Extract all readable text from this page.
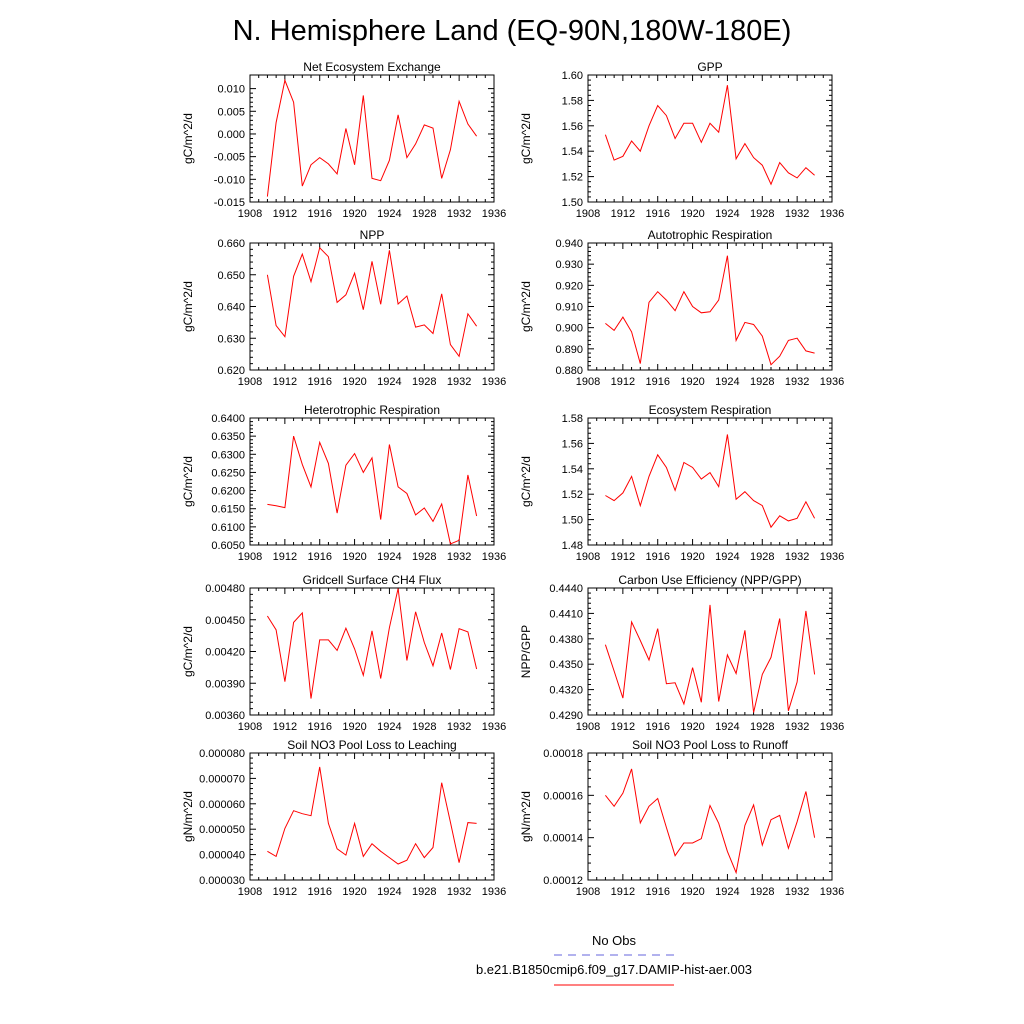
N. Hemisphere Land (EQ-90N,180W-180E)
Net Ecosystem Exchange
gC/m^2/d
1908 1912 1916 1920 1924 1928 1932 1936
-0.015
-0.010
-0.005
0.000
0.005
0.010
GPP
gC/m^2/d
1908 1912 1916 1920 1924 1928 1932 1936
1.50
1.52
1.54
1.56
1.58
1.60
NPP
gC/m^2/d
1908 1912 1916 1920 1924 1928 1932 1936
0.620
0.630
0.640
0.650
0.660
Autotrophic Respiration
gC/m^2/d
1908 1912 1916 1920 1924 1928 1932 1936
0.880
0.890
0.900
0.910
0.920
0.930
0.940
Heterotrophic Respiration
gC/m^2/d
1908 1912 1916 1920 1924 1928 1932 1936
0.6050
0.6100
0.6150
0.6200
0.6250
0.6300
0.6350
0.6400
Ecosystem Respiration
gC/m^2/d
1908 1912 1916 1920 1924 1928 1932 1936
1.48
1.50
1.52
1.54
1.56
1.58
Gridcell Surface CH4 Flux
gC/m^2/d
1908 1912 1916 1920 1924 1928 1932 1936
0.00360
0.00390
0.00420
0.00450
0.00480
Carbon Use Efficiency (NPP/GPP)
NPP/GPP
1908 1912 1916 1920 1924 1928 1932 1936
0.4290
0.4320
0.4350
0.4380
0.4410
0.4440
Soil NO3 Pool Loss to Leaching
gN/m^2/d
1908 1912 1916 1920 1924 1928 1932 1936
0.000030
0.000040
0.000050
0.000060
0.000070
0.000080
Soil NO3 Pool Loss to Runoff
gN/m^2/d
1908 1912 1916 1920 1924 1928 1932 1936
0.00012
0.00014
0.00016
0.00018
No Obs
b.e21.B1850cmip6.f09_g17.DAMIP-hist-aer.003
